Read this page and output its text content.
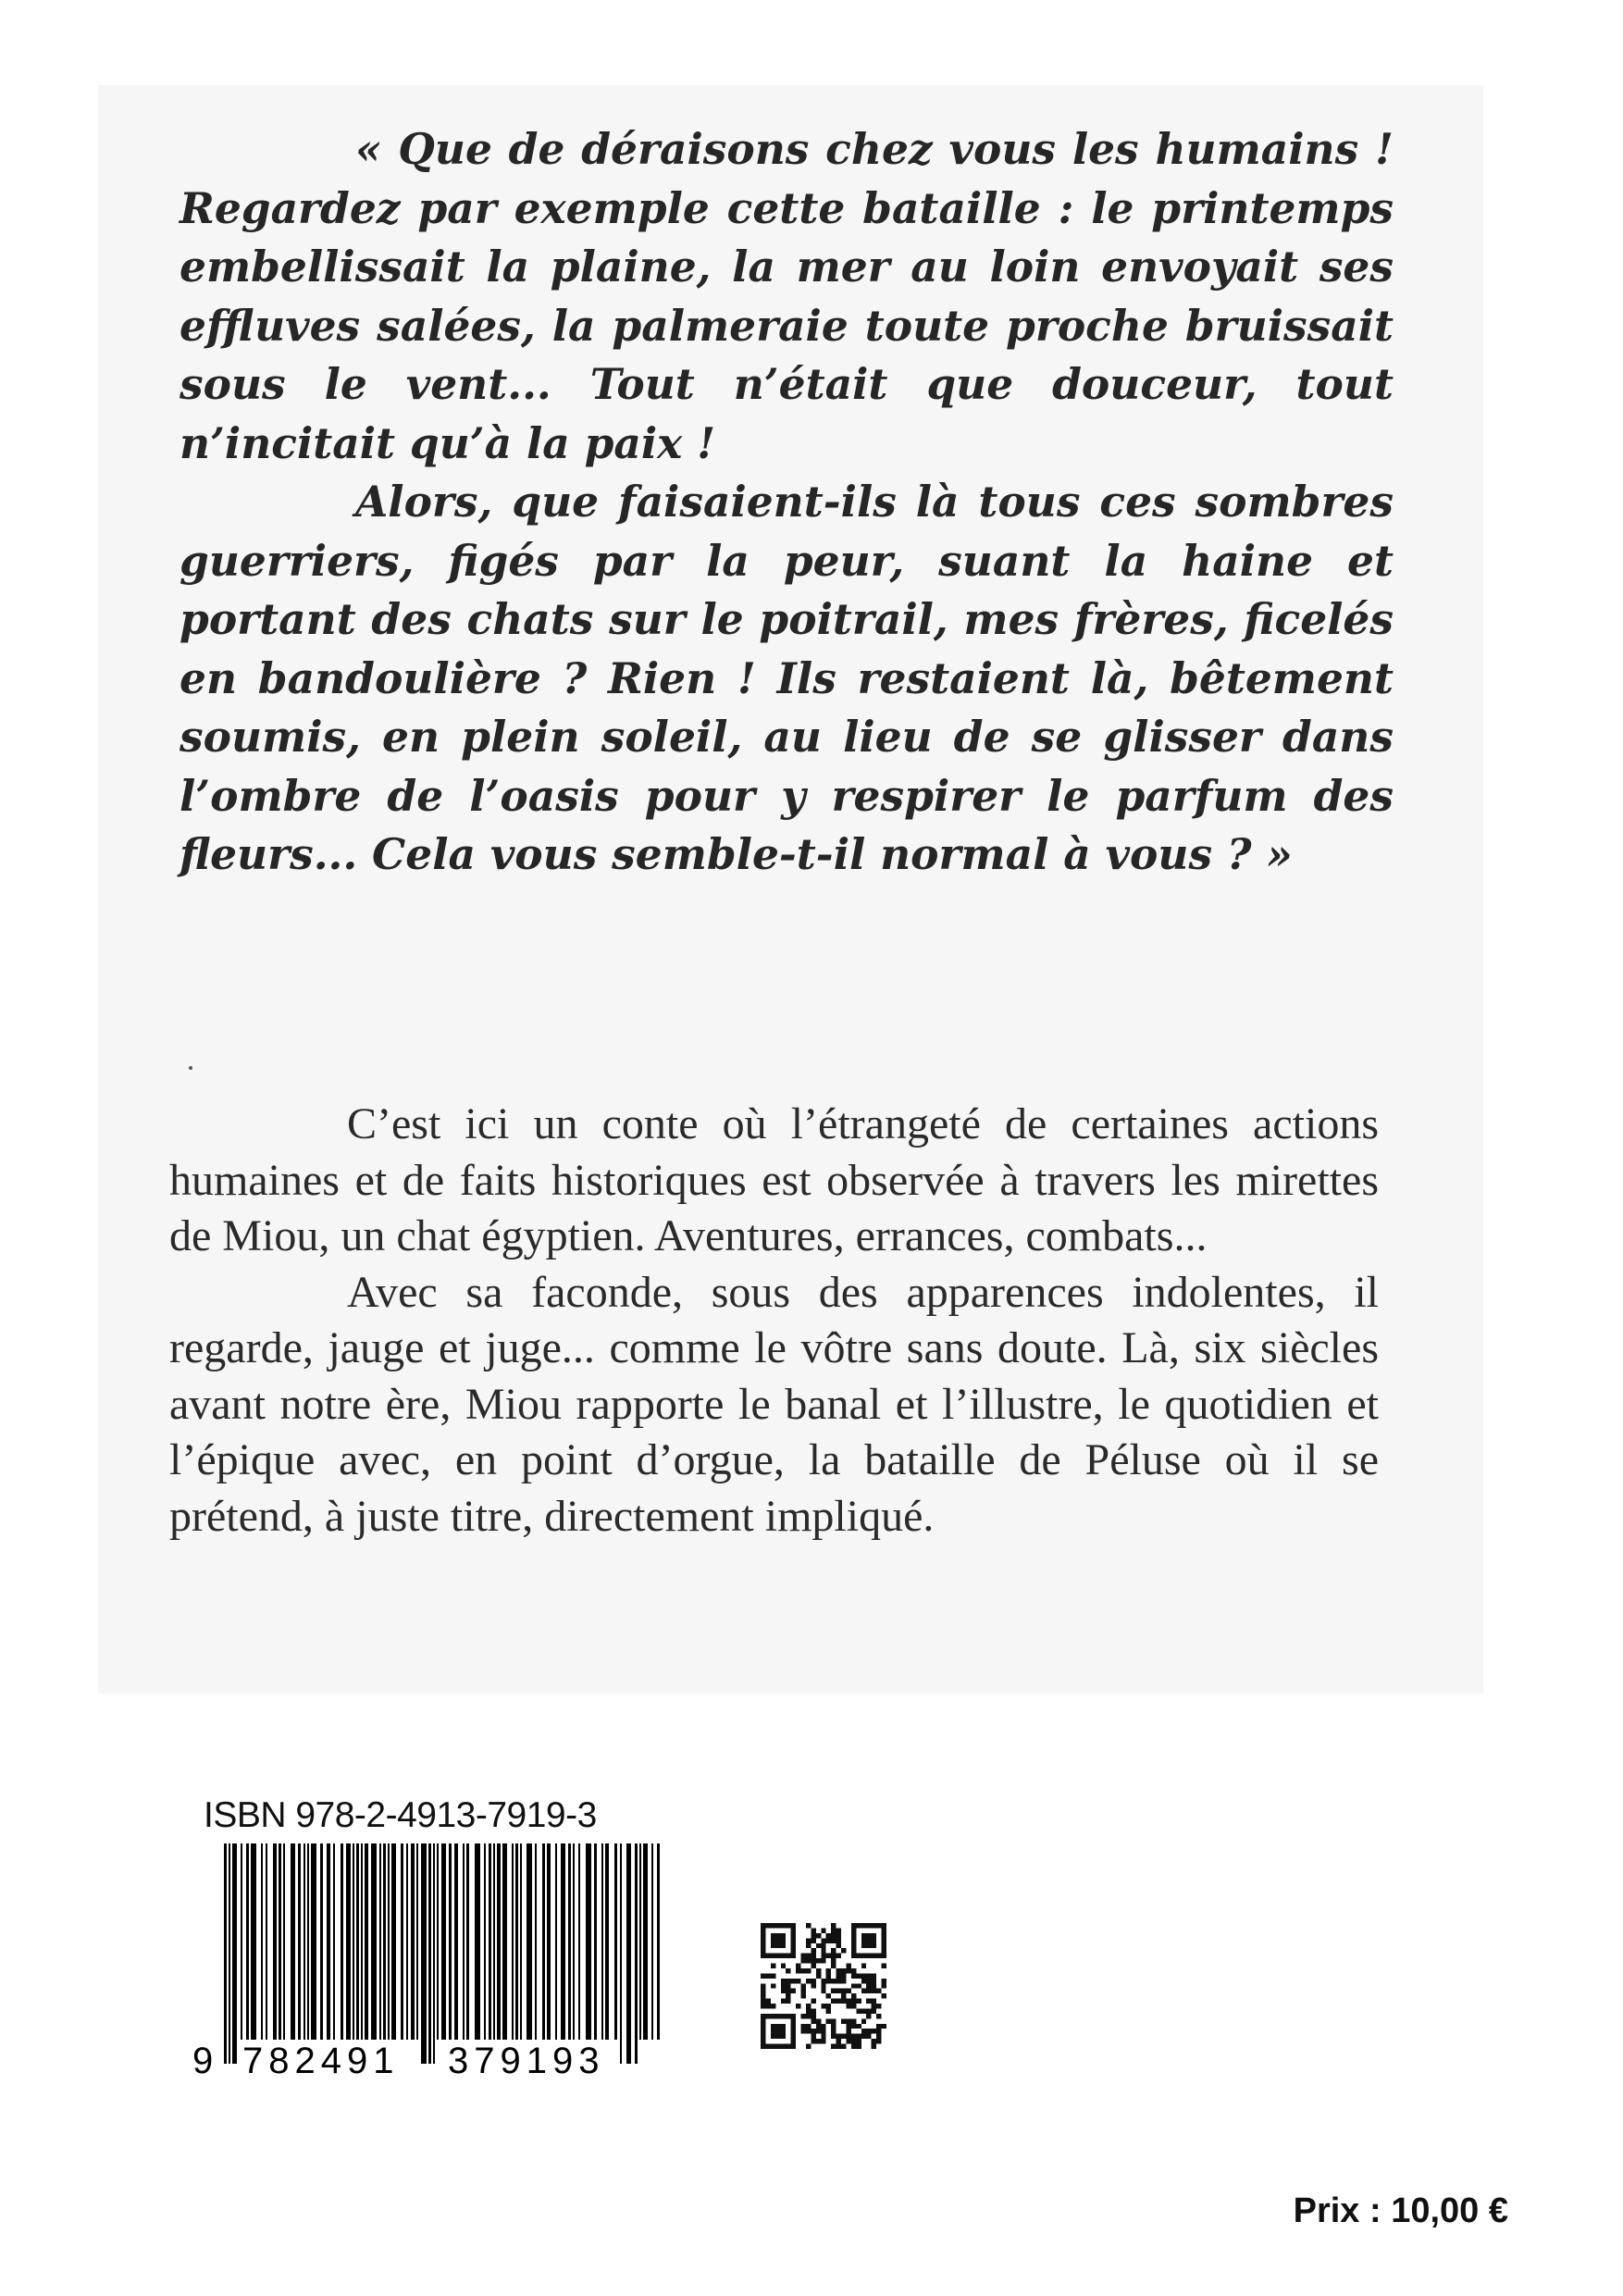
« Que de déraisons chez vous les humains ! Regardez par exemple cette bataille : le printemps embellissait la plaine, la mer au loin envoyait ses effluves salées, la palmeraie toute proche bruissait sous le vent... Tout n’était que douceur, tout n’incitait qu’à la paix !

Alors, que faisaient-ils là tous ces sombres guerriers, figés par la peur, suant la haine et portant des chats sur le poitrail, mes frères, ficelés en bandoulière ? Rien ! Ils restaient là, bêtement soumis, en plein soleil, au lieu de se glisser dans l’ombre de l’oasis pour y respirer le parfum des fleurs... Cela vous semble-t-il normal à vous ? »

C’est ici un conte où l’étrangeté de certaines actions humaines et de faits historiques est observée à travers les mirettes de Miou, un chat égyptien. Aventures, errances, combats...

Avec sa faconde, sous des apparences indolentes, il regarde, jauge et juge... comme le vôtre sans doute. Là, six siècles avant notre ère, Miou rapporte le banal et l’illustre, le quotidien et l’épique avec, en point d’orgue, la bataille de Péluse où il se prétend, à juste titre, directement impliqué.

ISBN 978-2-4913-7919-3
9 782491 379193
Prix : 10,00 €
